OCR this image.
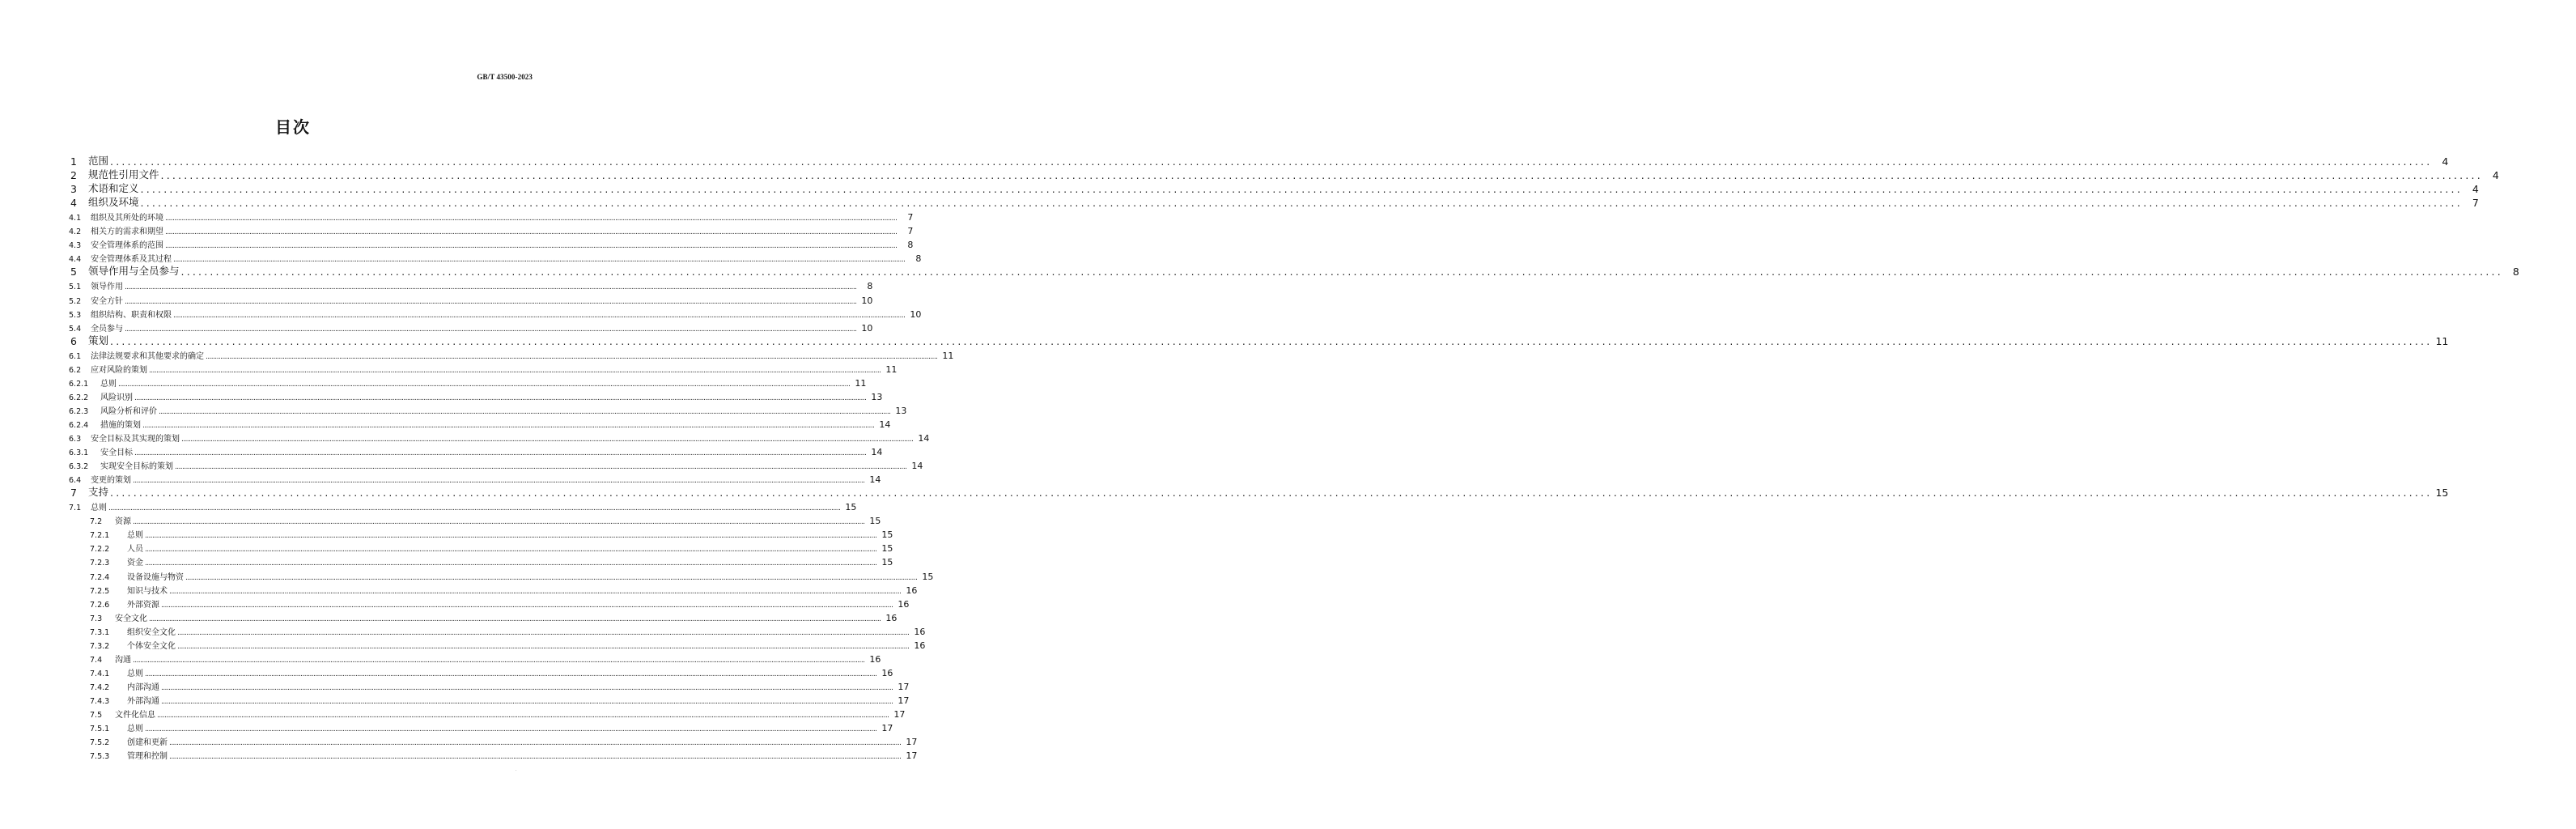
GB/T 43500-2023
目次
1	范围 ................................................................................................................................................................................................................................................................................................................................................................................................................ 4
2	规范性引用文件 ................................................................................................................................................................................................................................................................................................................................................................................................................ 4
3	术语和定义 ................................................................................................................................................................................................................................................................................................................................................................................................................ 4
4	组织及环境 ................................................................................................................................................................................................................................................................................................................................................................................................................ 7
4.1	组织及其所处的环境 ................................................................................................................................................................................................................................................................................................................................................................................................................	7
4.2	相关方的需求和期望 ................................................................................................................................................................................................................................................................................................................................................................................................................	7
4.3	安全管理体系的范围 ................................................................................................................................................................................................................................................................................................................................................................................................................	8
4.4	安全管理体系及其过程 ................................................................................................................................................................................................................................................................................................................................................................................................................	8
5	领导作用与全员参与 ................................................................................................................................................................................................................................................................................................................................................................................................................ 8
5.1	领导作用 ................................................................................................................................................................................................................................................................................................................................................................................................................	8
5.2	安全方针 ................................................................................................................................................................................................................................................................................................................................................................................................................ 10
5.3	组织结构、职责和权限 ................................................................................................................................................................................................................................................................................................................................................................................................................ 10
5.4	全员参与 ................................................................................................................................................................................................................................................................................................................................................................................................................ 10
6	策划 ................................................................................................................................................................................................................................................................................................................................................................................................................ 11
6.1	法律法规要求和其他要求的确定 ................................................................................................................................................................................................................................................................................................................................................................................................................ 11
6.2	应对风险的策划 ................................................................................................................................................................................................................................................................................................................................................................................................................ 11
6.2.1	总则 ................................................................................................................................................................................................................................................................................................................................................................................................................ 11
6.2.2	风险识别 ................................................................................................................................................................................................................................................................................................................................................................................................................ 13
6.2.3	风险分析和评价 ................................................................................................................................................................................................................................................................................................................................................................................................................ 13
6.2.4	措施的策划 ................................................................................................................................................................................................................................................................................................................................................................................................................ 14
6.3	安全目标及其实现的策划 ................................................................................................................................................................................................................................................................................................................................................................................................................ 14
6.3.1	安全目标 ................................................................................................................................................................................................................................................................................................................................................................................................................ 14
6.3.2	实现安全目标的策划 ................................................................................................................................................................................................................................................................................................................................................................................................................ 14
6.4	变更的策划 ................................................................................................................................................................................................................................................................................................................................................................................................................ 14
7	支持 ................................................................................................................................................................................................................................................................................................................................................................................................................ 15
7.1	总则 ................................................................................................................................................................................................................................................................................................................................................................................................................ 15
7.2	资源 ................................................................................................................................................................................................................................................................................................................................................................................................................ 15
7.2.1	总则 ................................................................................................................................................................................................................................................................................................................................................................................................................ 15
7.2.2	人员 ................................................................................................................................................................................................................................................................................................................................................................................................................ 15
7.2.3	资金 ................................................................................................................................................................................................................................................................................................................................................................................................................ 15
7.2.4	设备设施与物资 ................................................................................................................................................................................................................................................................................................................................................................................................................ 15
7.2.5	知识与技术 ................................................................................................................................................................................................................................................................................................................................................................................................................ 16
7.2.6	外部资源 ................................................................................................................................................................................................................................................................................................................................................................................................................ 16
7.3	安全文化 ................................................................................................................................................................................................................................................................................................................................................................................................................ 16
7.3.1	组织安全文化 ................................................................................................................................................................................................................................................................................................................................................................................................................ 16
7.3.2	个体安全文化 ................................................................................................................................................................................................................................................................................................................................................................................................................ 16
7.4	沟通 ................................................................................................................................................................................................................................................................................................................................................................................................................ 16
7.4.1	总则 ................................................................................................................................................................................................................................................................................................................................................................................................................ 16
7.4.2	内部沟通 ................................................................................................................................................................................................................................................................................................................................................................................................................ 17
7.4.3	外部沟通 ................................................................................................................................................................................................................................................................................................................................................................................................................ 17
7.5	文件化信息 ................................................................................................................................................................................................................................................................................................................................................................................................................ 17
7.5.1	总则 ................................................................................................................................................................................................................................................................................................................................................................................................................ 17
7.5.2	创建和更新 ................................................................................................................................................................................................................................................................................................................................................................................................................ 17
7.5.3	管理和控制 ................................................................................................................................................................................................................................................................................................................................................................................................................ 17
·
